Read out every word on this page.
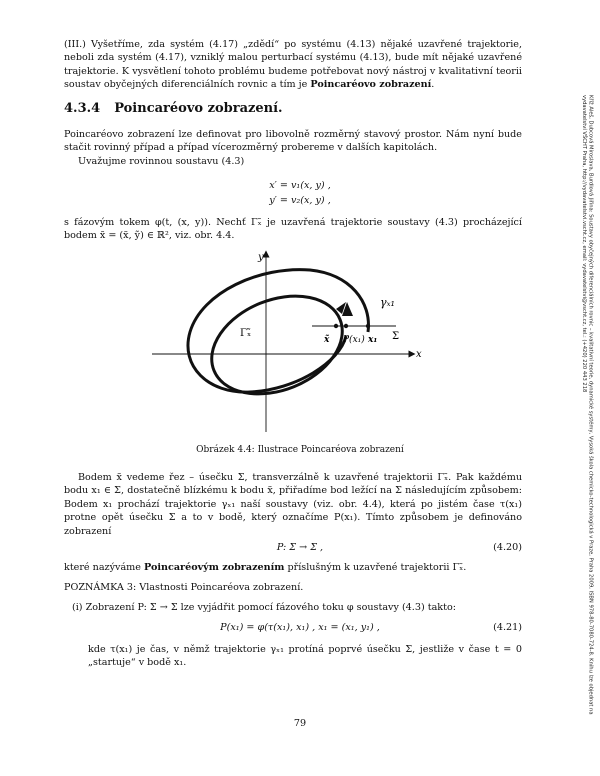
(III.) Vyšetříme, zda systém (4.17) „zdědí“ po systému (4.13) nějaké uzavřené trajektorie, neboli zda systém (4.17), vzniklý malou perturbací systému (4.13), bude mít nějaké uzavřené trajektorie. K vysvětlení tohoto problému budeme potřebovat nový nástroj v kvalitativní teorii soustav obyčejných diferenciálních rovnic a tím je Poincaréovo zobrazení.
4.3.4 Poincaréovo zobrazení.
Poincaréovo zobrazení lze definovat pro libovolně rozměrný stavový prostor. Nám nyní bude stačit rovinný případ a případ vícerozměrný probereme v dalších kapitolách.
Uvažujme rovinnou soustavu (4.3)
x′ = v₁(x, y) ,
y′ = v₂(x, y) ,
s fázovým tokem φ(t, (x, y)). Nechť Γₓ̃ je uzavřená trajektorie soustavy (4.3) procházející bodem x̃ = (x̃, ỹ) ∈ ℝ², viz. obr. 4.4.
y
x
Γₓ̃
x̃ P(x₁) x₁ Σ
γₓ₁
Obrázek 4.4: Ilustrace Poincaréova zobrazení
Bodem x̃ vedeme řez – úsečku Σ, transverzálně k uzavřené trajektorii Γₓ̃. Pak každému bodu x₁ ∈ Σ, dostatečně blízkému k bodu x̃, přiřadíme bod ležící na Σ následujícím způsobem: Bodem x₁ prochází trajektorie γₓ₁ naší soustavy (viz. obr. 4.4), která po jistém čase τ(x₁) protne opět úsečku Σ a to v bodě, který označíme P(x₁). Tímto způsobem je definováno zobrazení
P: Σ → Σ ,	(4.20)
které nazýváme Poincaréovým zobrazením příslušným k uzavřené trajektorii Γₓ̃.
POZNÁMKA 3: Vlastnosti Poincaréova zobrazení.
(i) Zobrazení P: Σ → Σ lze vyjádřit pomocí fázového toku φ soustavy (4.3) takto:
P(x₁) = φ(τ(x₁), x₁) , x₁ = (x₁, y₁) ,	(4.21)
kde τ(x₁) je čas, v němž trajektorie γₓ₁ protíná poprvé úsečku Σ, jestliže v čase t = 0 „startuje“ v bodě x₁.
79
Kříž Aleš, Dubcová Miroslava, Burdlová Jiřina: Soustavy obyčejných diferenciálních rovnic – kvalitativní teorie, dynamické systémy, Vysoká škola chemicko-technologická v Praze, Praha 2009, ISBN 978-80-7080-724-8. Knihu lze objednat na vydavatelství VŠCHT Praha, http://vydavatelstvi.vscht.cz, email: vydavatelstvi@vscht.cz, tel.: (+420) 220 443 218
